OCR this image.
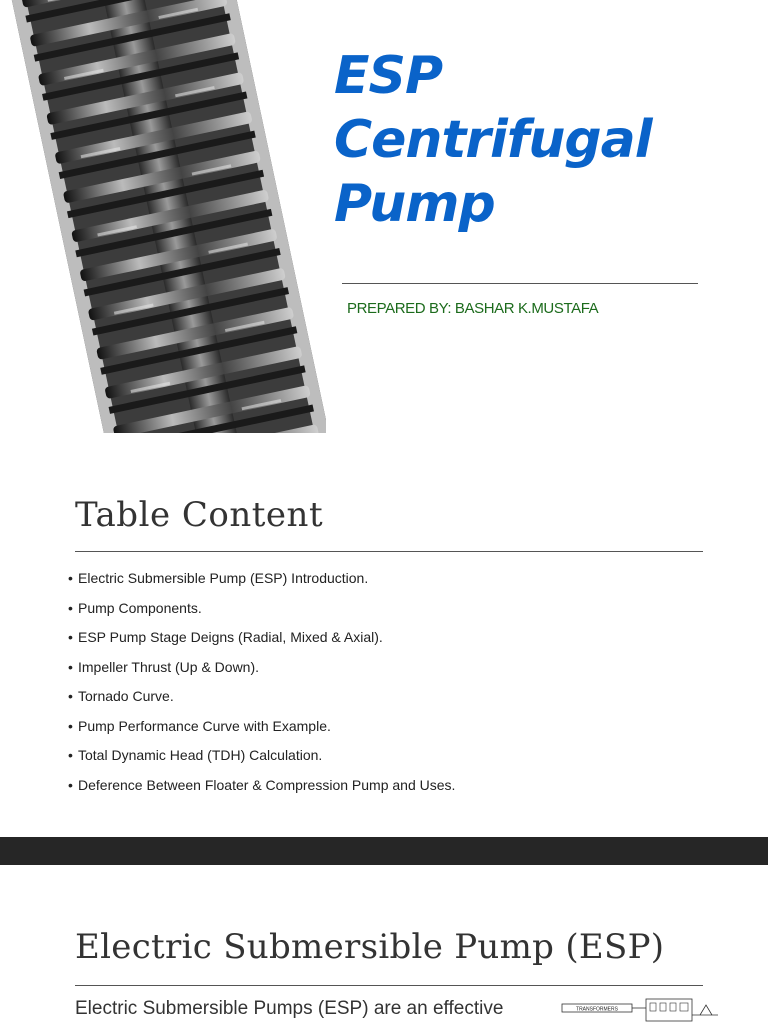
ESP
Centrifugal
Pump
PREPARED BY: BASHAR K.MUSTAFA
Table Content
• Electric Submersible Pump (ESP) Introduction.
• Pump Components.
• ESP Pump Stage Deigns (Radial, Mixed & Axial).
• Impeller Thrust (Up & Down).
• Tornado Curve.
• Pump Performance Curve with Example.
• Total Dynamic Head (TDH) Calculation.
• Deference Between Floater & Compression Pump and Uses.
Electric Submersible Pump (ESP)
Electric Submersible Pumps (ESP) are an effective	TRANSFORMERS
